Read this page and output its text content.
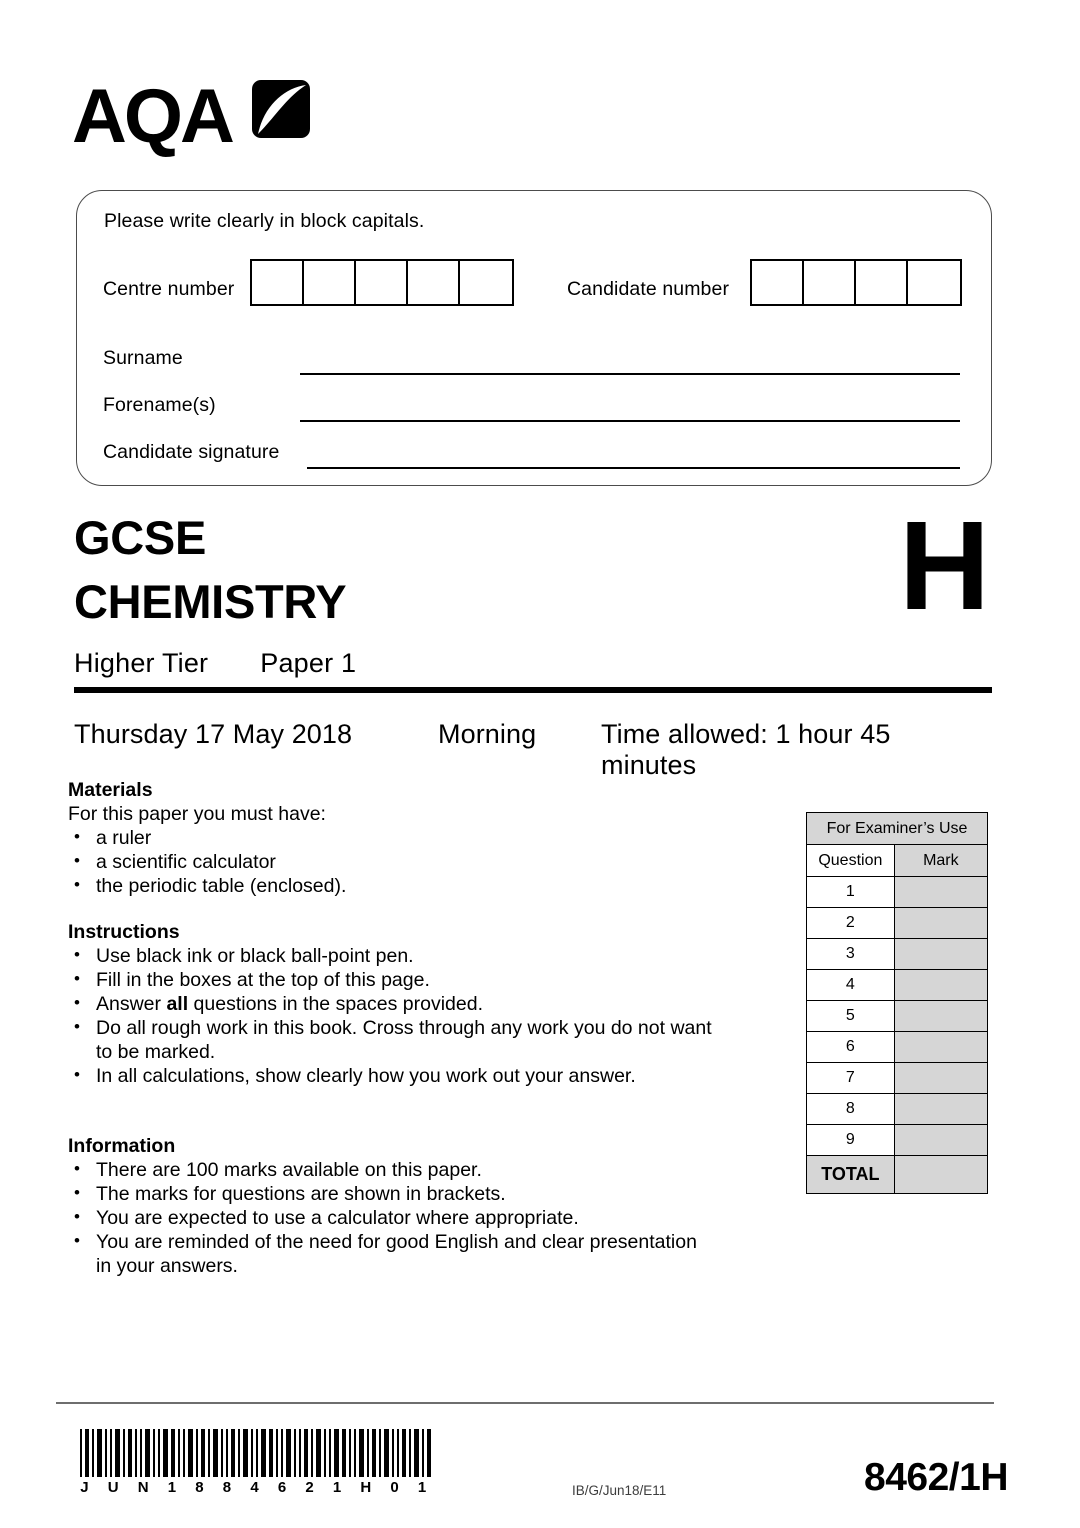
AQA
Please write clearly in block capitals.
Centre number	Candidate number
Surname
Forename(s)
Candidate signature
GCSE
CHEMISTRY
Higher Tier Paper 1
H
Thursday 17 May 2018	Morning Time allowed: 1 hour 45 minutes
Materials

For this paper you must have:

• a ruler
• a scientific calculator
• the periodic table (enclosed).
Instructions
• Use black ink or black ball-point pen.
• Fill in the boxes at the top of this page.
• Answer all questions in the spaces provided.
• Do all rough work in this book. Cross through any work you do not want
to be marked.
• In all calculations, show clearly how you work out your answer.
Information
• There are 100 marks available on this paper.
• The marks for questions are shown in brackets.
• You are expected to use a calculator where appropriate.
• You are reminded of the need for good English and clear presentation
in your answers.
For Examiner’s Use	
Question	Mark
1	
2	
3	
4	
5	
6	
7	
8	
9	
TOTAL	
J U N 1 8 8 4 6 2 1 H 0 1	IB/G/Jun18/E11	8462/1H
